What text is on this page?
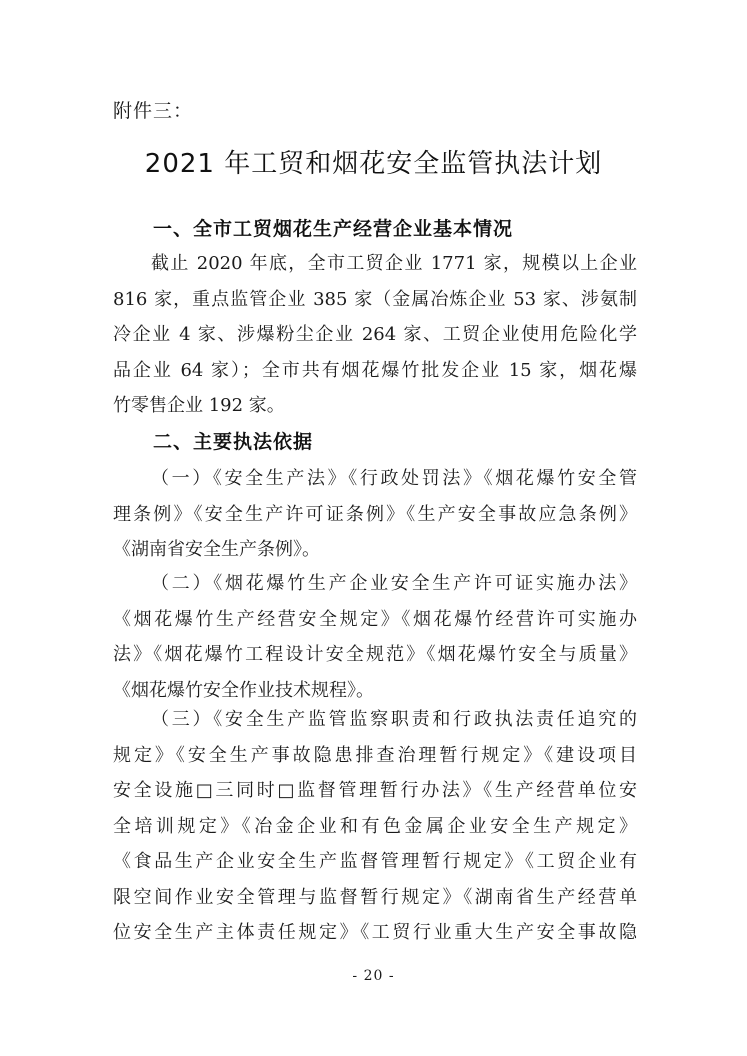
附件三：
2021 年工贸和烟花安全监管执法计划
一、全市工贸烟花生产经营企业基本情况
截止 2020 年底，全市工贸企业 1771 家，规模以上企业
816 家，重点监管企业 385 家（金属冶炼企业 53 家、涉氨制
冷企业 4 家、涉爆粉尘企业 264 家、工贸企业使用危险化学
品企业 64 家）；全市共有烟花爆竹批发企业 15 家，烟花爆
竹零售企业 192 家。
二、主要执法依据
（一）《安全生产法》《行政处罚法》《烟花爆竹安全管
理条例》《安全生产许可证条例》《生产安全事故应急条例》
《湖南省安全生产条例》。
（二）《烟花爆竹生产企业安全生产许可证实施办法》
《烟花爆竹生产经营安全规定》《烟花爆竹经营许可实施办
法》《烟花爆竹工程设计安全规范》《烟花爆竹安全与质量》
《烟花爆竹安全作业技术规程》。
（三）《安全生产监管监察职责和行政执法责任追究的
规定》《安全生产事故隐患排查治理暂行规定》《建设项目
安全设施□三同时□监督管理暂行办法》《生产经营单位安
全培训规定》《冶金企业和有色金属企业安全生产规定》
《食品生产企业安全生产监督管理暂行规定》《工贸企业有
限空间作业安全管理与监督暂行规定》《湖南省生产经营单
位安全生产主体责任规定》《工贸行业重大生产安全事故隐
- 20 -
